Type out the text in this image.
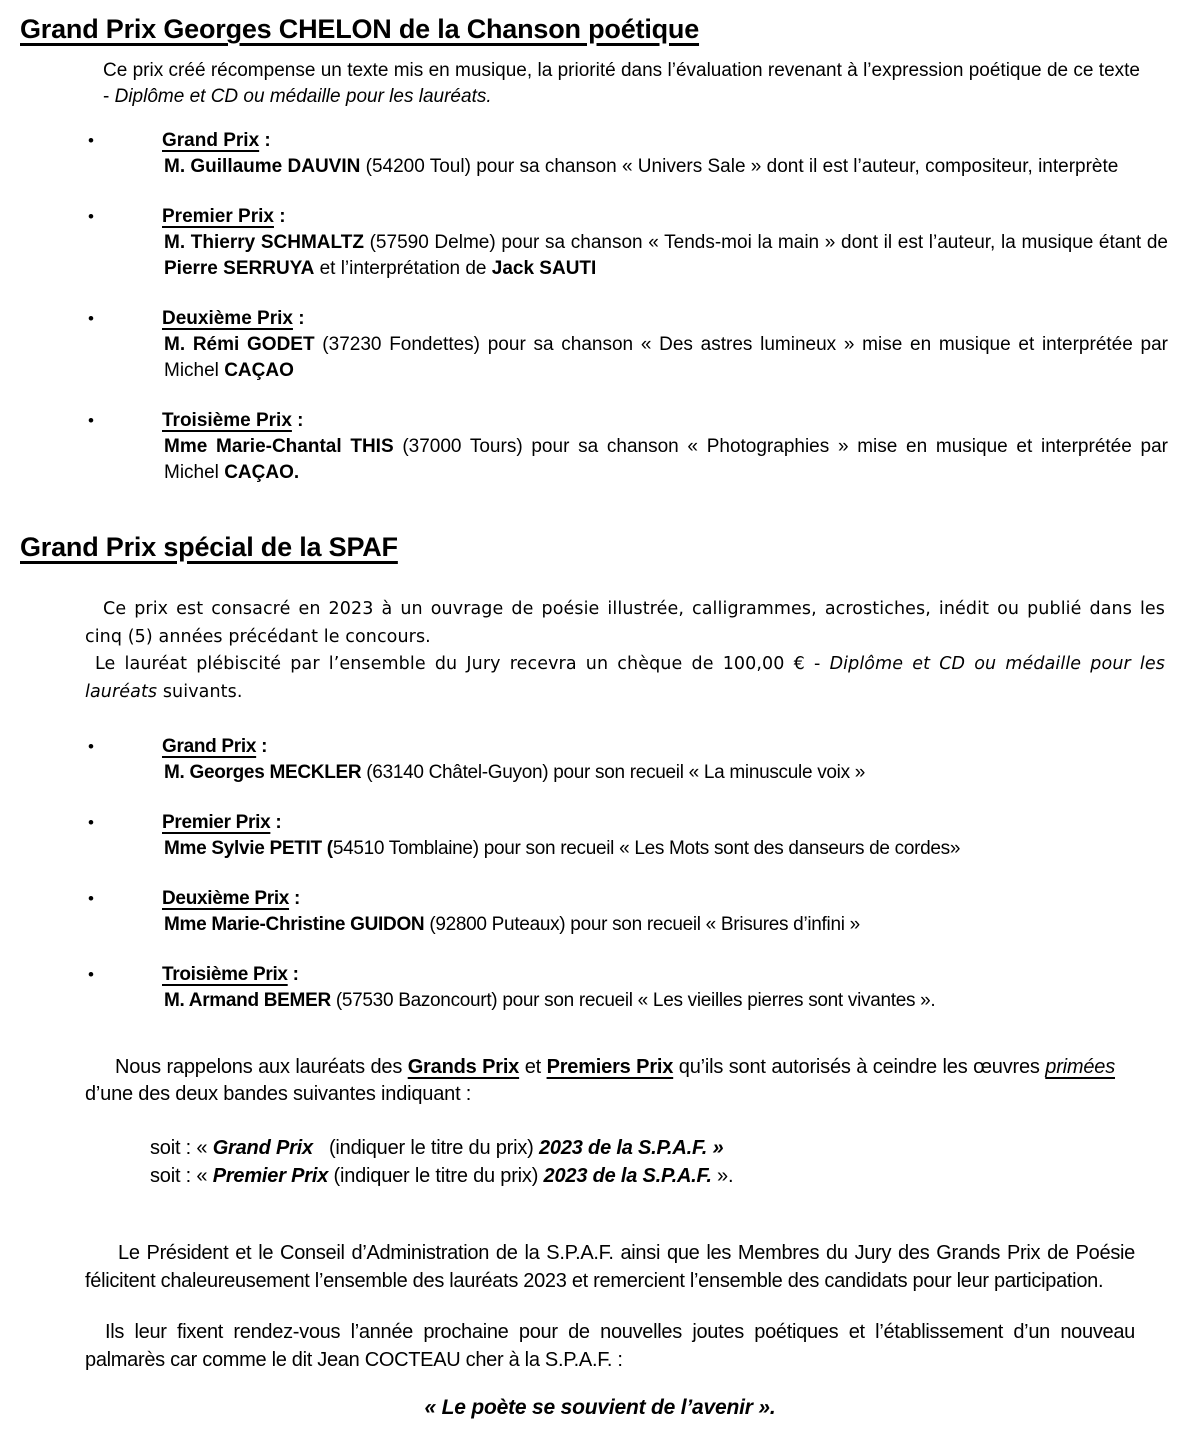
Grand Prix Georges CHELON de la Chanson poétique

Ce prix créé récompense un texte mis en musique, la priorité dans l’évaluation revenant à l’expression poétique de ce texte - Diplôme et CD ou médaille pour les lauréats.

•	Grand Prix :

M. Guillaume DAUVIN (54200 Toul) pour sa chanson « Univers Sale » dont il est l’auteur, compositeur, interprète

•	Premier Prix :

M. Thierry SCHMALTZ (57590 Delme) pour sa chanson « Tends-moi la main » dont il est l’auteur, la musique étant de Pierre SERRUYA et l’interprétation de Jack SAUTI

•	Deuxième Prix :

M. Rémi GODET (37230 Fondettes) pour sa chanson « Des astres lumineux » mise en musique et interprétée par Michel CAÇAO

•	Troisième Prix :

Mme Marie-Chantal THIS (37000 Tours) pour sa chanson « Photographies » mise en musique et interprétée par Michel CAÇAO.

Grand Prix spécial de la SPAF

Ce prix est consacré en 2023 à un ouvrage de poésie illustrée, calligrammes, acrostiches, inédit ou publié dans les cinq (5) années précédant le concours.

Le lauréat plébiscité par l’ensemble du Jury recevra un chèque de 100,00 € - Diplôme et CD ou médaille pour les lauréats suivants.

•	Grand Prix :

M. Georges MECKLER (63140 Châtel-Guyon) pour son recueil « La minuscule voix »

•	Premier Prix :

Mme Sylvie PETIT (54510 Tomblaine) pour son recueil « Les Mots sont des danseurs de cordes»

•	Deuxième Prix :

Mme Marie-Christine GUIDON (92800 Puteaux) pour son recueil « Brisures d’infini »

•	Troisième Prix :

M. Armand BEMER (57530 Bazoncourt) pour son recueil « Les vieilles pierres sont vivantes ».

Nous rappelons aux lauréats des Grands Prix et Premiers Prix qu’ils sont autorisés à ceindre les œuvres primées d’une des deux bandes suivantes indiquant :

soit : « Grand Prix (indiquer le titre du prix) 2023 de la S.P.A.F. »
soit : « Premier Prix (indiquer le titre du prix) 2023 de la S.P.A.F. ».

Le Président et le Conseil d’Administration de la S.P.A.F. ainsi que les Membres du Jury des Grands Prix de Poésie félicitent chaleureusement l’ensemble des lauréats 2023 et remercient l’ensemble des candidats pour leur participation.

Ils leur fixent rendez-vous l’année prochaine pour de nouvelles joutes poétiques et l’établissement d’un nouveau palmarès car comme le dit Jean COCTEAU cher à la S.P.A.F. :

« Le poète se souvient de l’avenir ».
